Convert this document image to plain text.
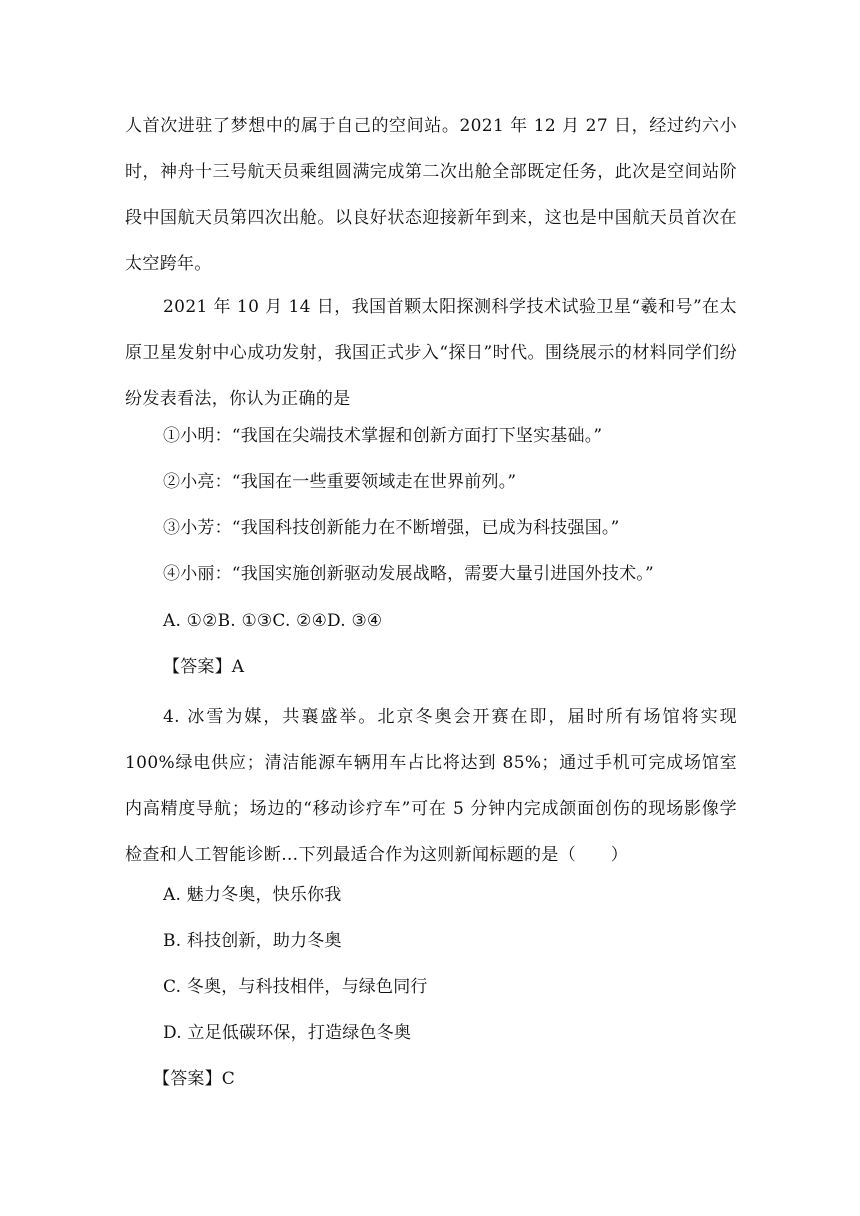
人首次进驻了梦想中的属于自己的空间站。2021 年 12 月 27 日，经过约六小时，神舟十三号航天员乘组圆满完成第二次出舱全部既定任务，此次是空间站阶段中国航天员第四次出舱。以良好状态迎接新年到来，这也是中国航天员首次在太空跨年。
2021 年 10 月 14 日，我国首颗太阳探测科学技术试验卫星“羲和号”在太原卫星发射中心成功发射，我国正式步入“探日”时代。围绕展示的材料同学们纷纷发表看法，你认为正确的是
①小明：“我国在尖端技术掌握和创新方面打下坚实基础。”
②小亮：“我国在一些重要领域走在世界前列。”
③小芳：“我国科技创新能力在不断增强，已成为科技强国。”
④小丽：“我国实施创新驱动发展战略，需要大量引进国外技术。”
A. ①②B. ①③C. ②④D. ③④
【答案】A
4. 冰雪为媒，共襄盛举。北京冬奥会开赛在即，届时所有场馆将实现 100%绿电供应；清洁能源车辆用车占比将达到 85%；通过手机可完成场馆室内高精度导航；场边的“移动诊疗车”可在 5 分钟内完成颌面创伤的现场影像学检查和人工智能诊断…下列最适合作为这则新闻标题的是（　　）
A. 魅力冬奥，快乐你我
B. 科技创新，助力冬奥
C. 冬奥，与科技相伴，与绿色同行
D. 立足低碳环保，打造绿色冬奥
【答案】C
